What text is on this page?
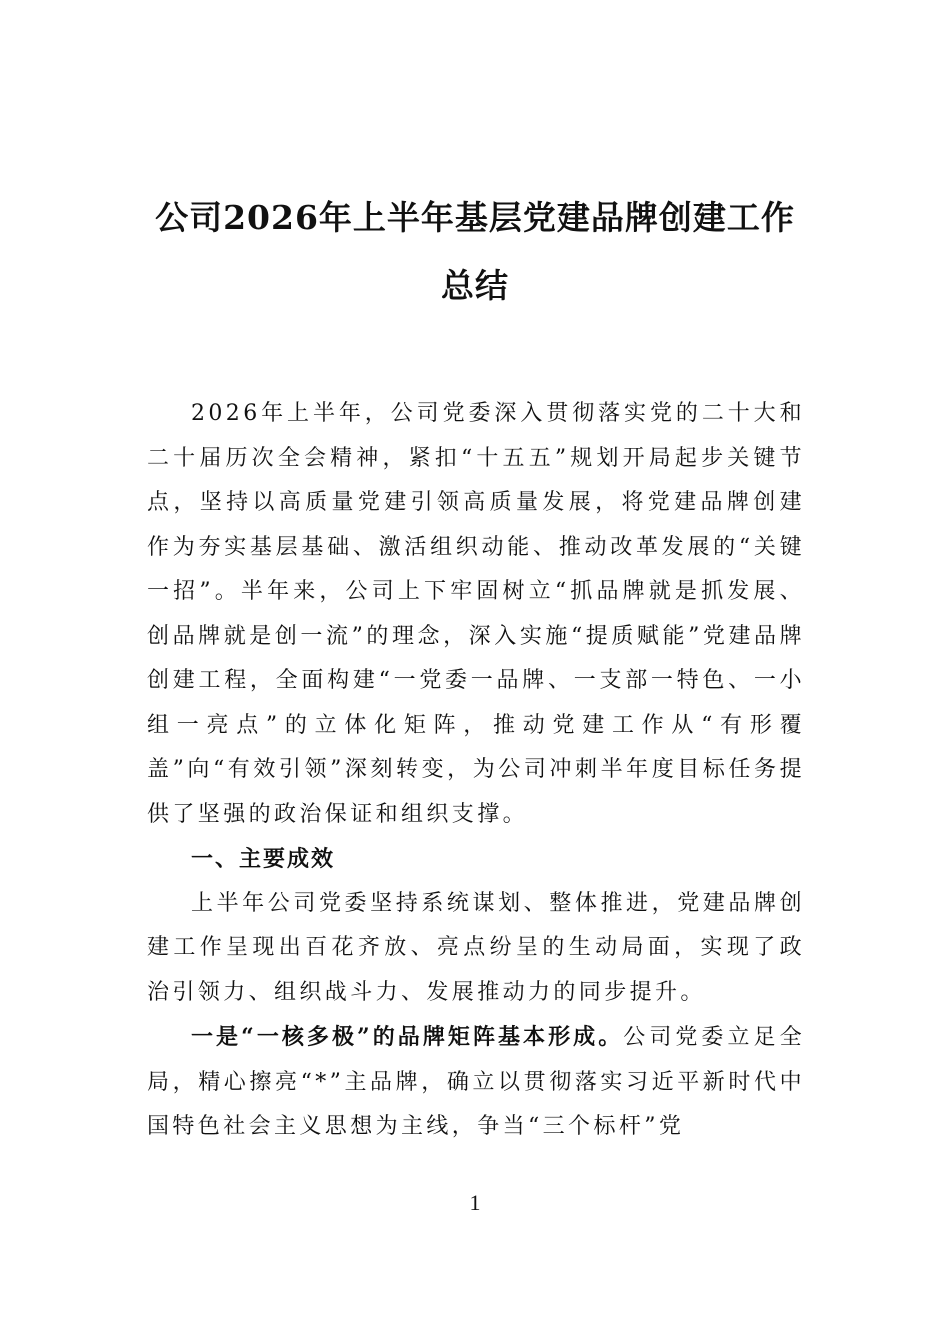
公司2026年上半年基层党建品牌创建工作
总结

2026年上半年，公司党委深入贯彻落实党的二十大和二十届历次全会精神，紧扣“十五五”规划开局起步关键节点，坚持以高质量党建引领高质量发展，将党建品牌创建作为夯实基层基础、激活组织动能、推动改革发展的“关键一招”。半年来，公司上下牢固树立“抓品牌就是抓发展、创品牌就是创一流”的理念，深入实施“提质赋能”党建品牌创建工程，全面构建“一党委一品牌、一支部一特色、一小组一亮点”的立体化矩阵，推动党建工作从“有形覆盖”向“有效引领”深刻转变，为公司冲刺半年度目标任务提供了坚强的政治保证和组织支撑。

一、主要成效

上半年公司党委坚持系统谋划、整体推进，党建品牌创建工作呈现出百花齐放、亮点纷呈的生动局面，实现了政治引领力、组织战斗力、发展推动力的同步提升。

一是“一核多极”的品牌矩阵基本形成。公司党委立足全局，精心擦亮“*”主品牌，确立以贯彻落实习近平新时代中国特色社会主义思想为主线，争当“三个标杆”党

1
